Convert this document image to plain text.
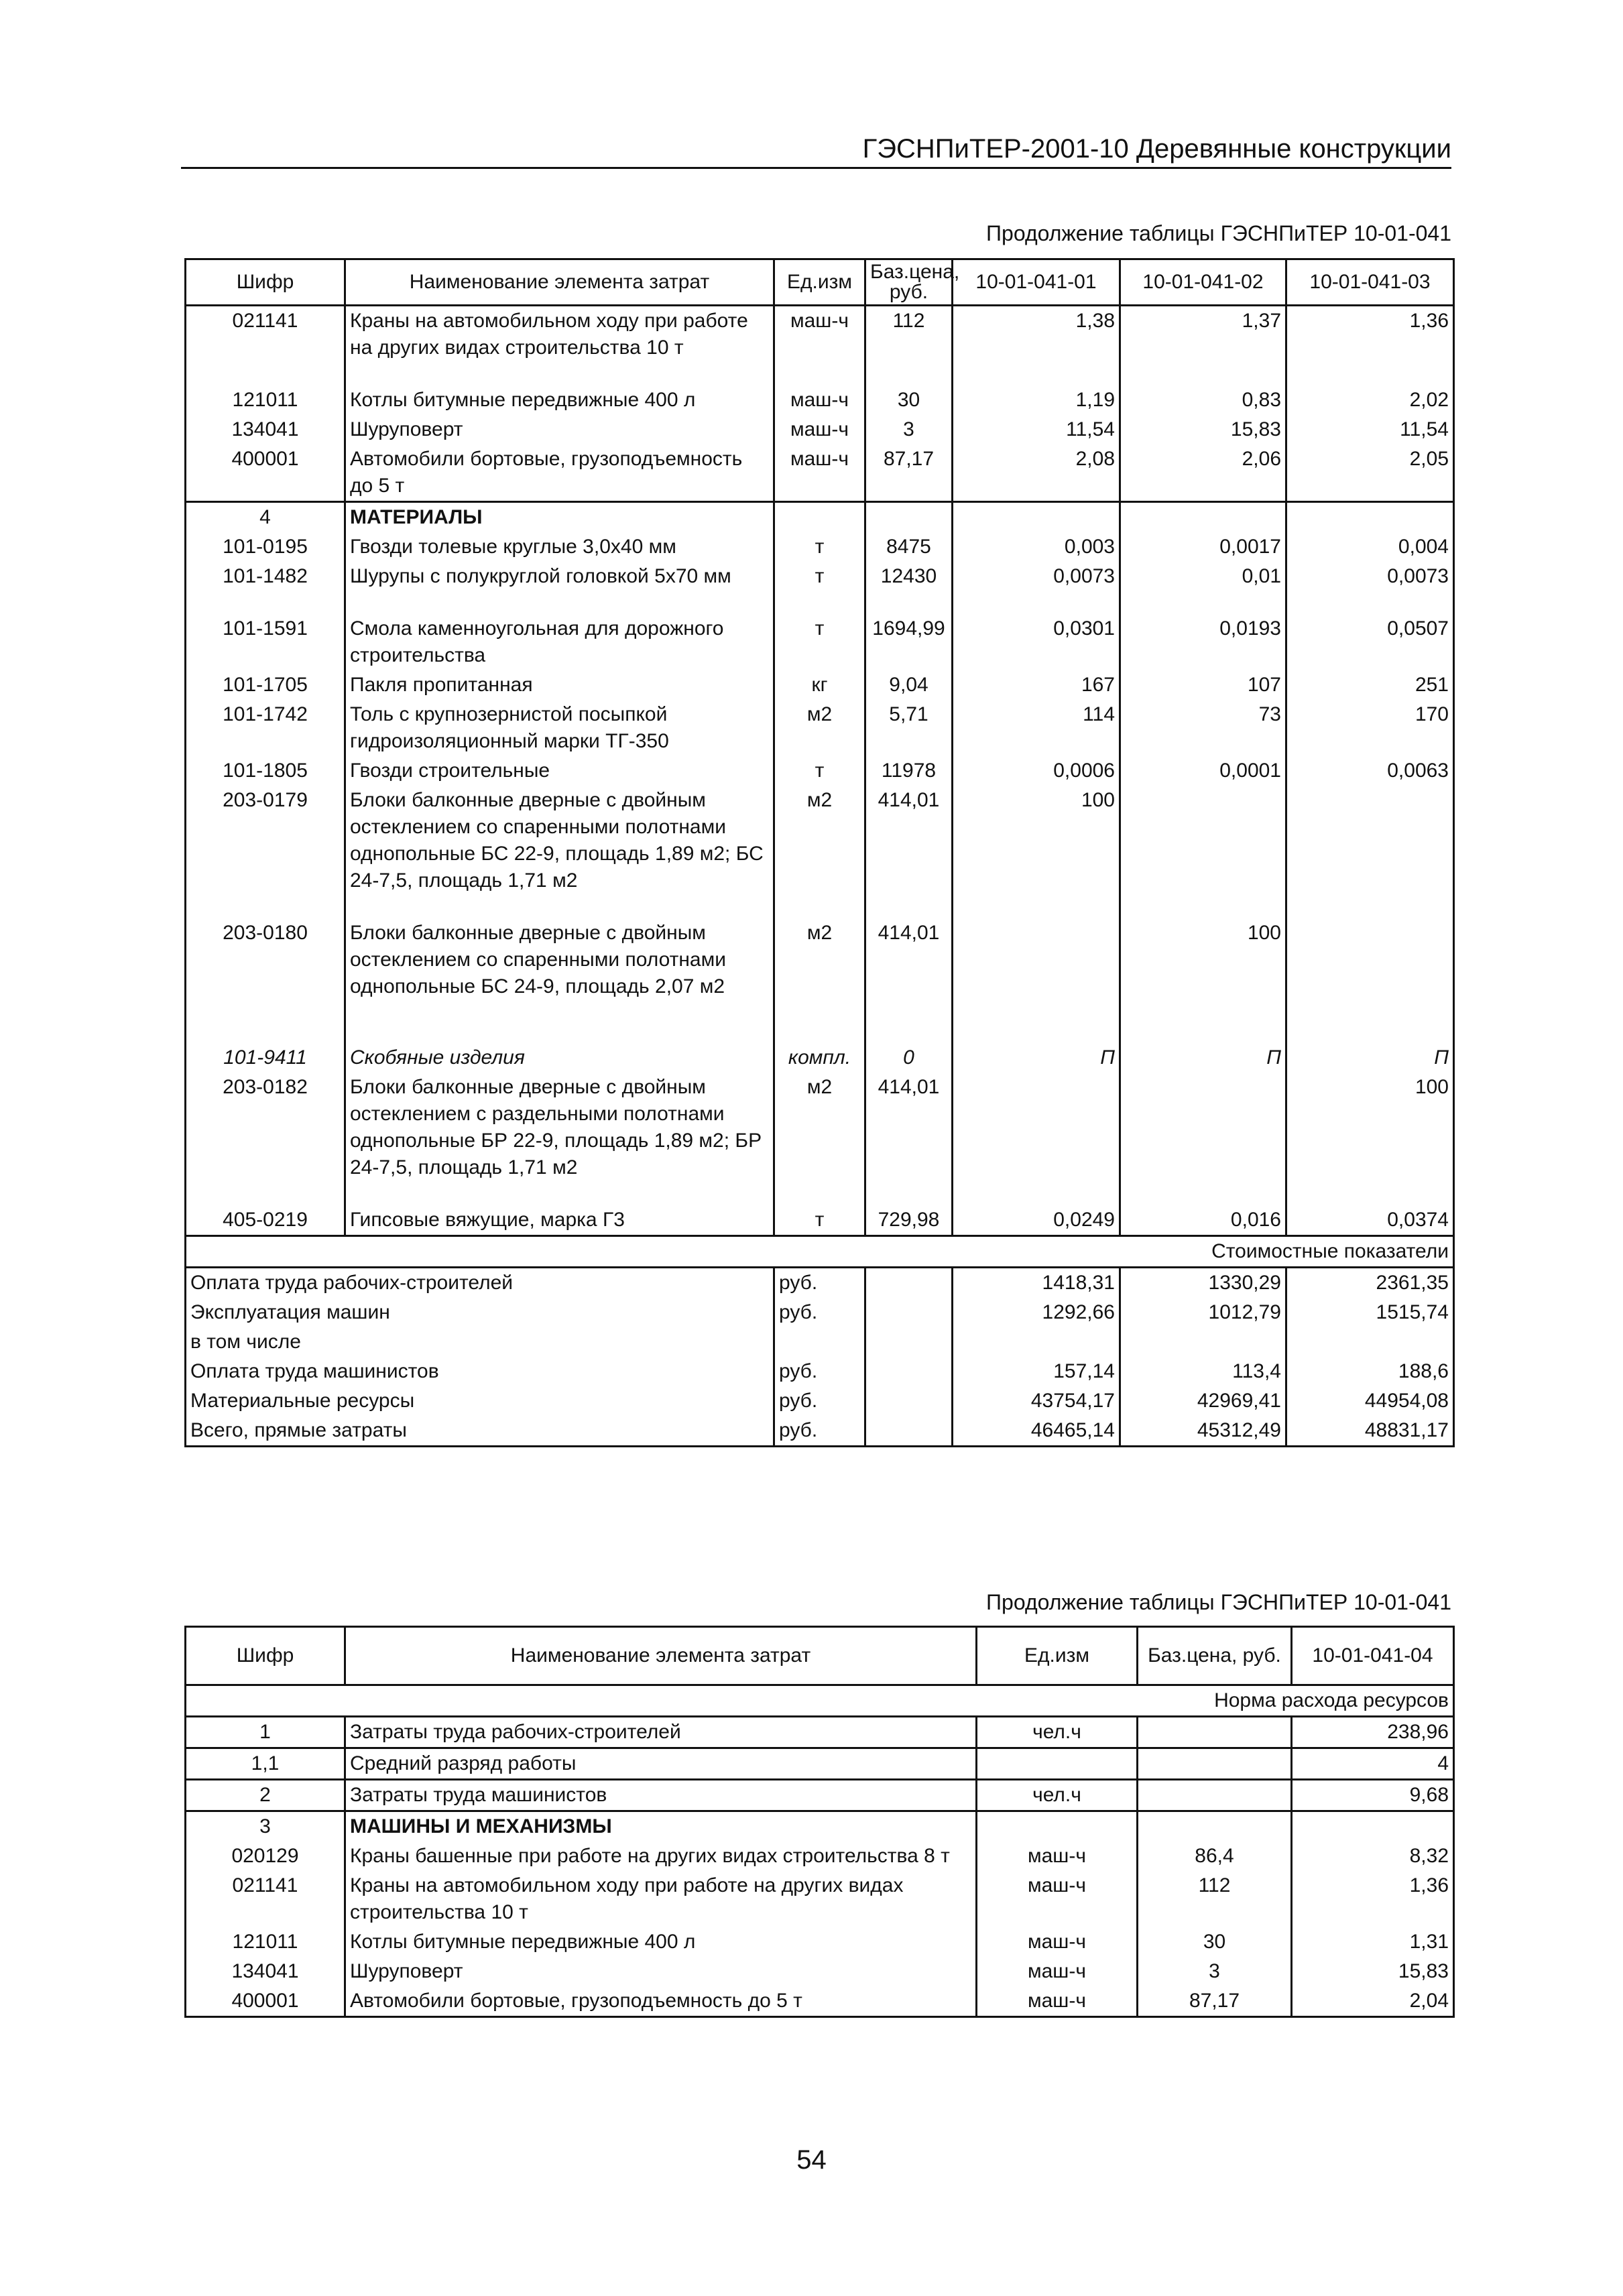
ГЭСНПиТЕР-2001-10 Деревянные конструкции
Продолжение таблицы ГЭСНПиТЕР 10-01-041
Шифр	Наименование элемента затрат	Ед.изм	Баз.цена, руб.	10-01-041-01	10-01-041-02	10-01-041-03
021141	Краны на автомобильном ходу при работе на других видах строительства 10 т	маш-ч	112	1,38	1,37	1,36
121011	Котлы битумные передвижные 400 л	маш-ч	30	1,19	0,83	2,02
134041	Шуруповерт	маш-ч	3	11,54	15,83	11,54
400001	Автомобили бортовые, грузоподъемность до 5 т	маш-ч	87,17	2,08	2,06	2,05
4	МАТЕРИАЛЫ					
101-0195	Гвозди толевые круглые 3,0х40 мм	т	8475	0,003	0,0017	0,004
101-1482	Шурупы с полукруглой головкой 5х70 мм	т	12430	0,0073	0,01	0,0073
101-1591	Смола каменноугольная для дорожного строительства	т	1694,99	0,0301	0,0193	0,0507
101-1705	Пакля пропитанная	кг	9,04	167	107	251
101-1742	Толь с крупнозернистой посыпкой гидроизоляционный марки ТГ-350	м2	5,71	114	73	170
101-1805	Гвозди строительные	т	11978	0,0006	0,0001	0,0063
203-0179	Блоки балконные дверные с двойным остеклением со спаренными полотнами однопольные БС 22-9, площадь 1,89 м2; БС 24-7,5, площадь 1,71 м2	м2	414,01	100		
203-0180	Блоки балконные дверные с двойным остеклением со спаренными полотнами однопольные БС 24-9, площадь 2,07 м2	м2	414,01		100	
101-9411	Скобяные изделия	компл.	0	П	П	П
203-0182	Блоки балконные дверные с двойным остеклением с раздельными полотнами однопольные БР 22-9, площадь 1,89 м2; БР 24-7,5, площадь 1,71 м2	м2	414,01			100
405-0219	Гипсовые вяжущие, марка Г3	т	729,98	0,0249	0,016	0,0374
Стоимостные показатели						
Оплата труда рабочих-строителей		руб.		1418,31	1330,29	2361,35
Эксплуатация машин		руб.		1292,66	1012,79	1515,74
в том числе						
Оплата труда машинистов		руб.		157,14	113,4	188,6
Материальные ресурсы		руб.		43754,17	42969,41	44954,08
Всего, прямые затраты		руб.		46465,14	45312,49	48831,17
Продолжение таблицы ГЭСНПиТЕР 10-01-041
Шифр	Наименование элемента затрат	Ед.изм	Баз.цена, руб.	10-01-041-04
Норма расхода ресурсов				
1	Затраты труда рабочих-строителей	чел.ч		238,96
1,1	Средний разряд работы			4
2	Затраты труда машинистов	чел.ч		9,68
3	МАШИНЫ И МЕХАНИЗМЫ			
020129	Краны башенные при работе на других видах строительства 8 т	маш-ч	86,4	8,32
021141	Краны на автомобильном ходу при работе на других видах строительства 10 т	маш-ч	112	1,36
121011	Котлы битумные передвижные 400 л	маш-ч	30	1,31
134041	Шуруповерт	маш-ч	3	15,83
400001	Автомобили бортовые, грузоподъемность до 5 т	маш-ч	87,17	2,04
54
